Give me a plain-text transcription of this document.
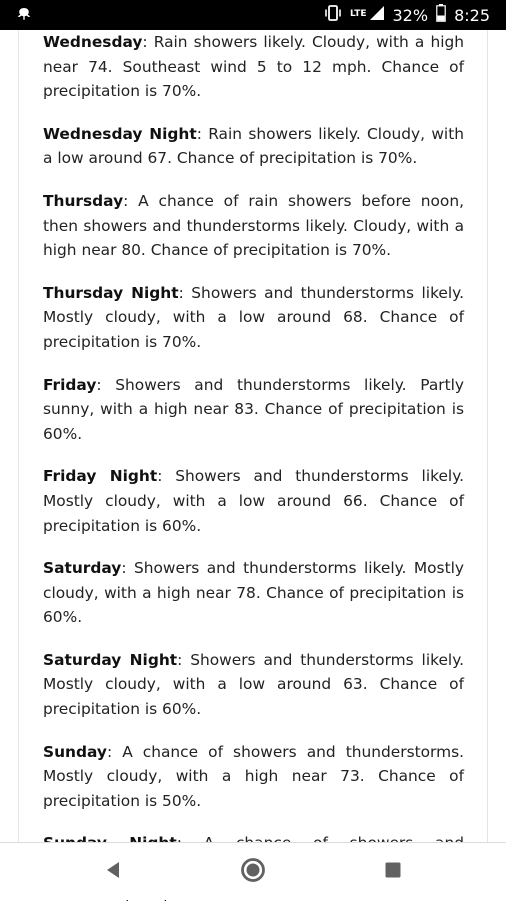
LTE 32% 8:25

Wednesday: Rain showers likely. Cloudy, with a high near 74. Southeast wind 5 to 12 mph. Chance of precipitation is 70%.

Wednesday Night: Rain showers likely. Cloudy, with a low around 67. Chance of precipitation is 70%.

Thursday: A chance of rain showers before noon, then showers and thunderstorms likely. Cloudy, with a high near 80. Chance of precipitation is 70%.

Thursday Night: Showers and thunderstorms likely. Mostly cloudy, with a low around 68. Chance of precipitation is 70%.

Friday: Showers and thunderstorms likely. Partly sunny, with a high near 83. Chance of precipitation is 60%.

Friday Night: Showers and thunderstorms likely. Mostly cloudy, with a low around 66. Chance of precipitation is 60%.

Saturday: Showers and thunderstorms likely. Mostly cloudy, with a high near 78. Chance of precipitation is 60%.

Saturday Night: Showers and thunderstorms likely. Mostly cloudy, with a low around 63. Chance of precipitation is 60%.

Sunday: A chance of showers and thunderstorms. Mostly cloudy, with a high near 73. Chance of precipitation is 50%.
